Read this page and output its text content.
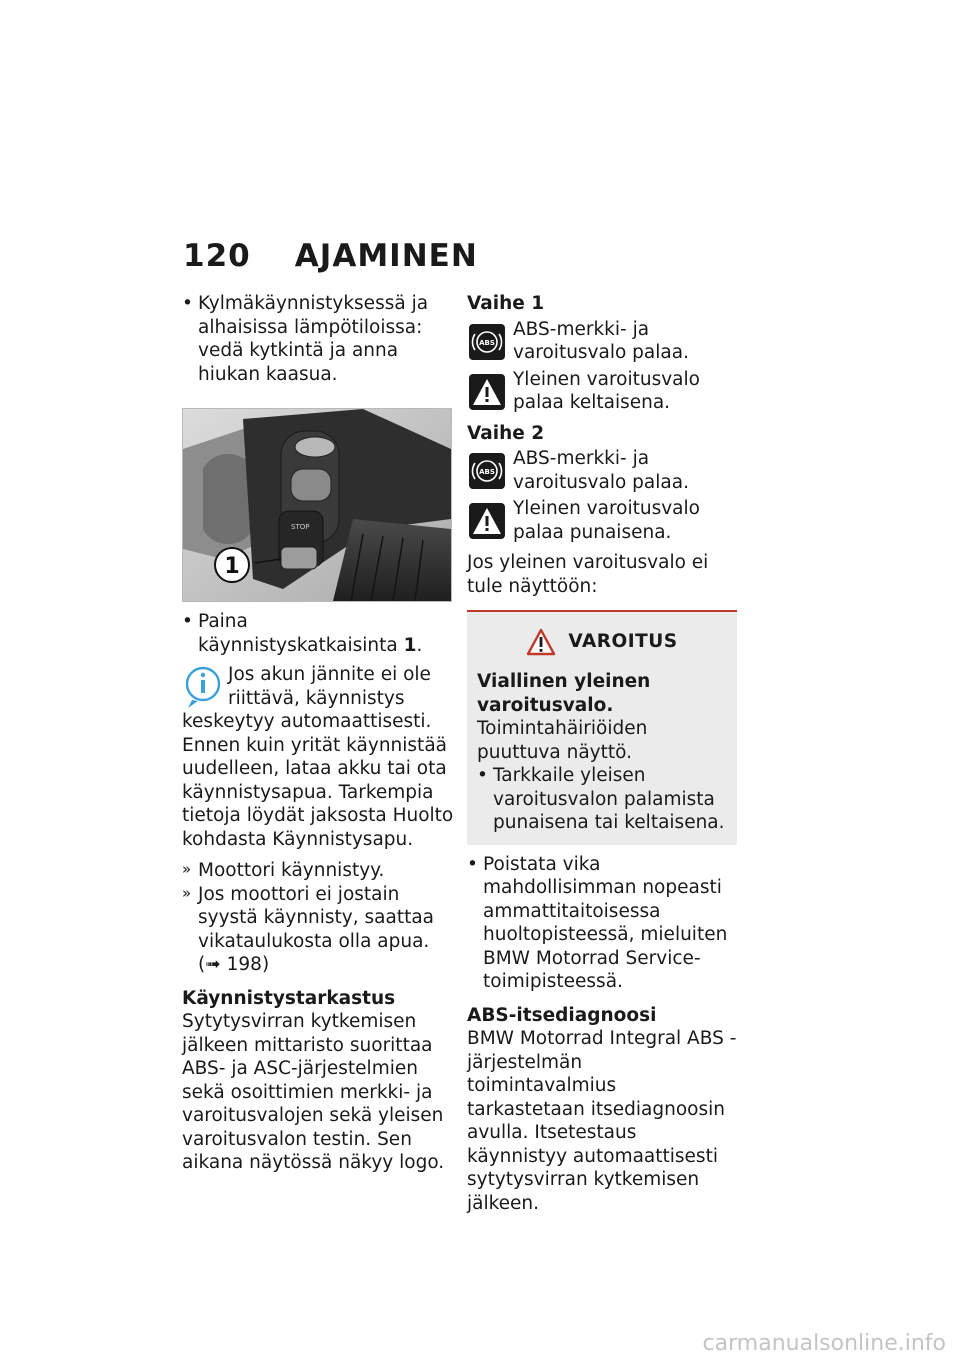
120 AJAMINEN

• Kylmäkäynnistyksessä ja alhaisissa lämpötiloissa: vedä kytkintä ja anna hiukan kaasua.

STOP
1

• Paina käynnistyskatkaisinta 1.

Jos akun jännite ei ole riittävä, käynnistys keskeytyy automaattisesti. Ennen kuin yrität käynnistää uudelleen, lataa akku tai ota käynnistysapua. Tarkempia tietoja löydät jaksosta Huolto kohdasta Käynnistysapu.

» Moottori käynnistyy.

» Jos moottori ei jostain syystä käynnisty, saattaa vikataulukosta olla apua. (➟ 198)

Käynnistystarkastus

Sytytysvirran kytkemisen jälkeen mittaristo suorittaa ABS- ja ASC-järjestelmien sekä osoittimien merkki- ja varoitusvalojen sekä yleisen varoitusvalon testin. Sen aikana näytössä näkyy logo.

Vaihe 1

ABS

ABS-merkki- ja varoitusvalo palaa.

Yleinen varoitusvalo palaa keltaisena.

Vaihe 2

ABS

ABS-merkki- ja varoitusvalo palaa.

Yleinen varoitusvalo palaa punaisena.

Jos yleinen varoitusvalo ei tule näyttöön:

VAROITUS

Viallinen yleinen varoitusvalo.

Toimintahäiriöiden puuttuva näyttö.

• Tarkkaile yleisen varoitusvalon palamista punaisena tai keltaisena.

• Poistata vika mahdollisimman nopeasti ammattitaitoisessa huoltopisteessä, mieluiten BMW Motorrad Service-toimipisteessä.

ABS-itsediagnoosi

BMW Motorrad Integral ABS -järjestelmän toimintavalmius tarkastetaan itsediagnoosin avulla. Itsetestaus käynnistyy automaattisesti sytytysvirran kytkemisen jälkeen.

carmanualsonline.info
